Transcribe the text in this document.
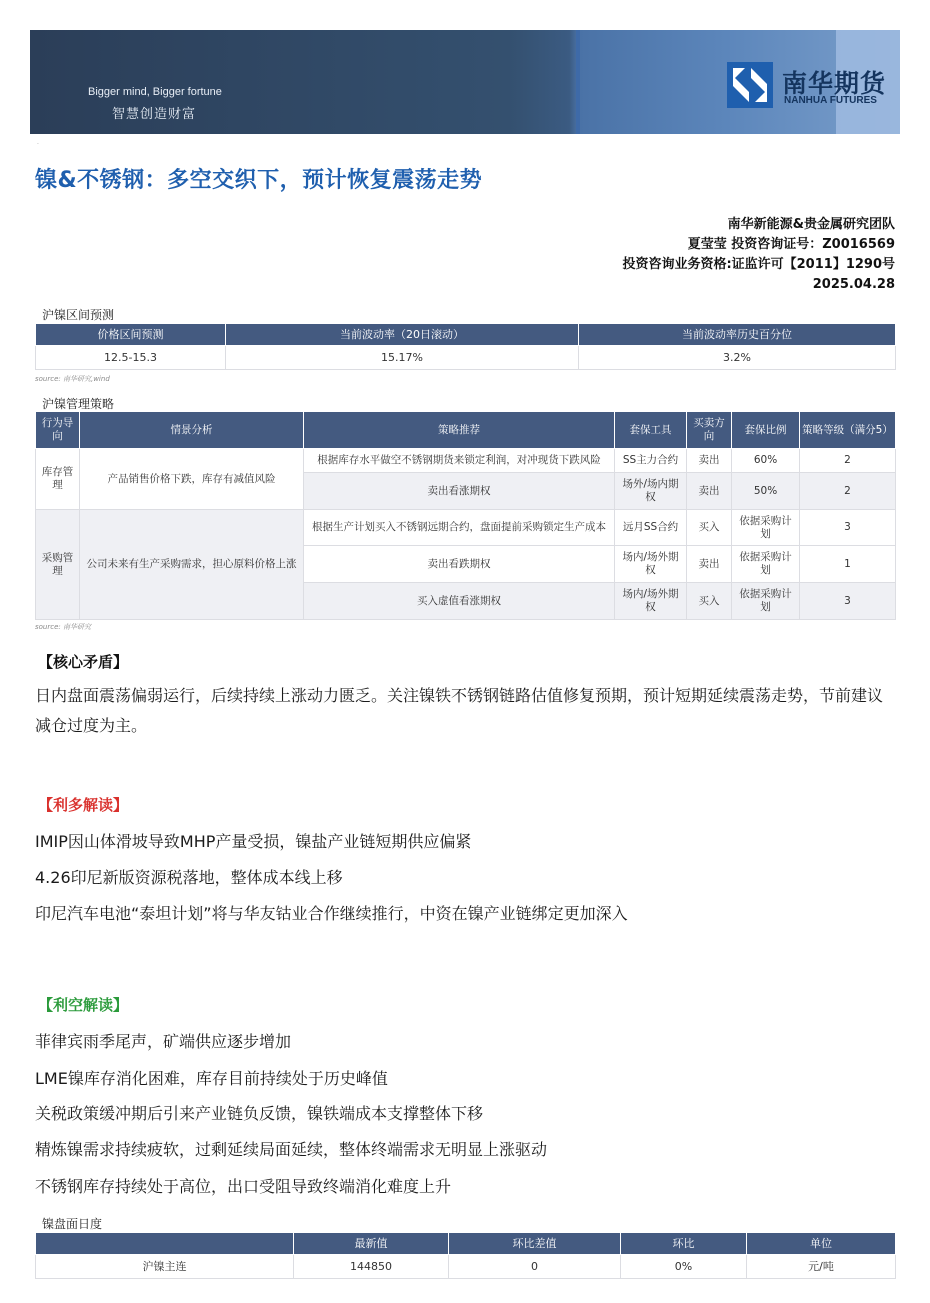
Bigger mind, Bigger fortune
智慧创造财富
南华期货
NANHUA FUTURES
.
镍&不锈钢：多空交织下，预计恢复震荡走势
南华新能源&贵金属研究团队
夏莹莹 投资咨询证号：Z0016569
投资咨询业务资格:证监许可【2011】1290号
2025.04.28
沪镍区间预测
价格区间预测	当前波动率（20日滚动）	当前波动率历史百分位
12.5-15.3	15.17%	3.2%
source: 南华研究,wind
沪镍管理策略
行为导向	情景分析	策略推荐	套保工具	买卖方向	套保比例	策略等级（满分5）
库存管理	产品销售价格下跌，库存有减值风险	根据库存水平做空不锈钢期货来锁定利润，对冲现货下跌风险	SS主力合约	卖出	60%	2
		卖出看涨期权	场外/场内期权	卖出	50%	2
采购管理	公司未来有生产采购需求，担心原料价格上涨	根据生产计划买入不锈钢远期合约，盘面提前采购锁定生产成本	远月SS合约	买入	依据采购计划	3
		卖出看跌期权	场内/场外期权	卖出	依据采购计划	1
		买入虚值看涨期权	场内/场外期权	买入	依据采购计划	3
source: 南华研究
【核心矛盾】
日内盘面震荡偏弱运行，后续持续上涨动力匮乏。关注镍铁不锈钢链路估值修复预期，预计短期延续震荡走势，节前建议减仓过度为主。
【利多解读】
IMIP因山体滑坡导致MHP产量受损，镍盐产业链短期供应偏紧
4.26印尼新版资源税落地，整体成本线上移
印尼汽车电池“泰坦计划”将与华友钴业合作继续推行，中资在镍产业链绑定更加深入
【利空解读】
菲律宾雨季尾声，矿端供应逐步增加
LME镍库存消化困难，库存目前持续处于历史峰值
关税政策缓冲期后引来产业链负反馈，镍铁端成本支撑整体下移
精炼镍需求持续疲软，过剩延续局面延续，整体终端需求无明显上涨驱动
不锈钢库存持续处于高位，出口受阻导致终端消化难度上升
镍盘面日度
	最新值	环比差值	环比	单位
沪镍主连	144850	0	0%	元/吨
